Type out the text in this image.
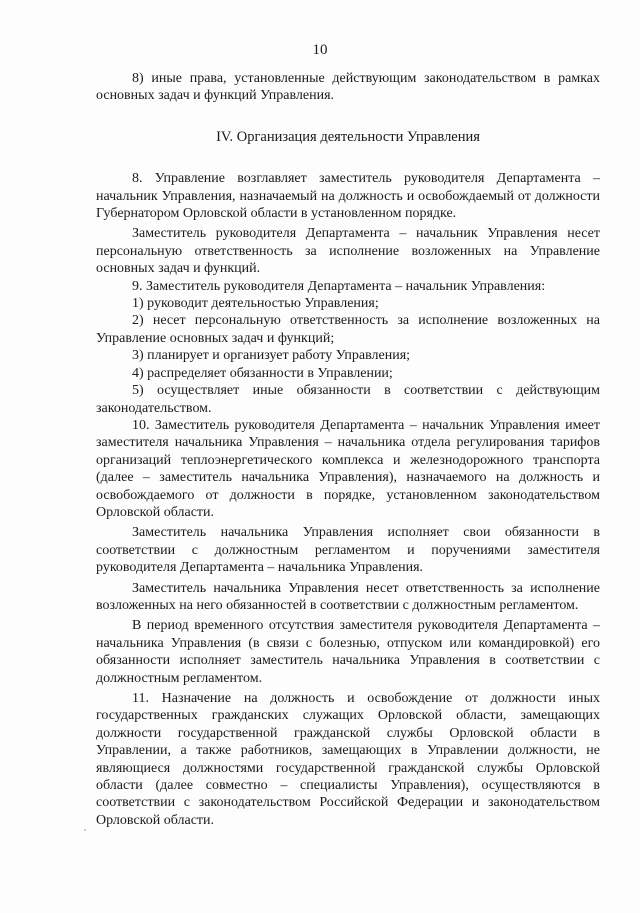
10

8) иные права, установленные действующим законодательством в рамках основных задач и функций Управления.

IV. Организация деятельности Управления

8. Управление возглавляет заместитель руководителя Департамента – начальник Управления, назначаемый на должность и освобождаемый от должности Губернатором Орловской области в установленном порядке.

Заместитель руководителя Департамента – начальник Управления несет персональную ответственность за исполнение возложенных на Управление основных задач и функций.

9. Заместитель руководителя Департамента – начальник Управления:

1) руководит деятельностью Управления;

2) несет персональную ответственность за исполнение возложенных на Управление основных задач и функций;

3) планирует и организует работу Управления;

4) распределяет обязанности в Управлении;

5) осуществляет иные обязанности в соответствии с действующим законодательством.

10. Заместитель руководителя Департамента – начальник Управления имеет заместителя начальника Управления – начальника отдела регулирования тарифов организаций теплоэнергетического комплекса и железнодорожного транспорта (далее – заместитель начальника Управления), назначаемого на должность и освобождаемого от должности в порядке, установленном законодательством Орловской области.

Заместитель начальника Управления исполняет свои обязанности в соответствии с должностным регламентом и поручениями заместителя руководителя Департамента – начальника Управления.

Заместитель начальника Управления несет ответственность за исполнение возложенных на него обязанностей в соответствии с должностным регламентом.

В период временного отсутствия заместителя руководителя Департамента – начальника Управления (в связи с болезнью, отпуском или командировкой) его обязанности исполняет заместитель начальника Управления в соответствии с должностным регламентом.

11. Назначение на должность и освобождение от должности иных государственных гражданских служащих Орловской области, замещающих должности государственной гражданской службы Орловской области в Управлении, а также работников, замещающих в Управлении должности, не являющиеся должностями государственной гражданской службы Орловской области (далее совместно – специалисты Управления), осуществляются в соответствии с законодательством Российской Федерации и законодательством Орловской области.
